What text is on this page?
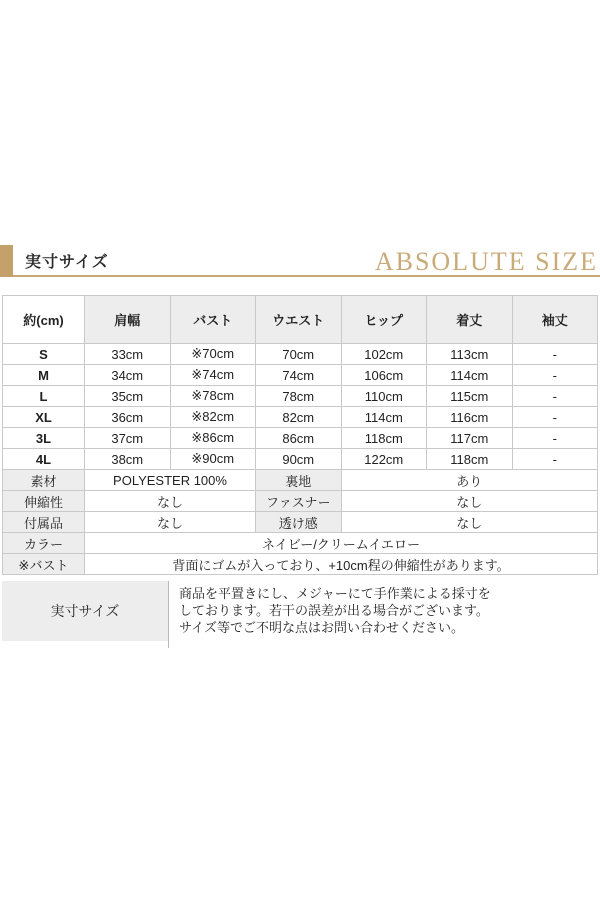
実寸サイズ	ABSOLUTE SIZE
約(cm)	肩幅	バスト	ウエスト	ヒップ	着丈	袖丈
S	33cm	※70cm	70cm	102cm	113cm	-
M	34cm	※74cm	74cm	106cm	114cm	-
L	35cm	※78cm	78cm	110cm	115cm	-
XL	36cm	※82cm	82cm	114cm	116cm	-
3L	37cm	※86cm	86cm	118cm	117cm	-
4L	38cm	※90cm	90cm	122cm	118cm	-
素材	POLYESTER 100%		裏地	あり		
伸縮性	なし		ファスナー	なし		
付属品	なし		透け感	なし		
カラー	ネイビー/クリームイエロー					
※バスト	背面にゴムが入っており、+10cm程の伸縮性があります。					
実寸サイズ
商品を平置きにし、メジャーにて手作業による採寸を
しております。若干の誤差が出る場合がございます。
サイズ等でご不明な点はお問い合わせください。
